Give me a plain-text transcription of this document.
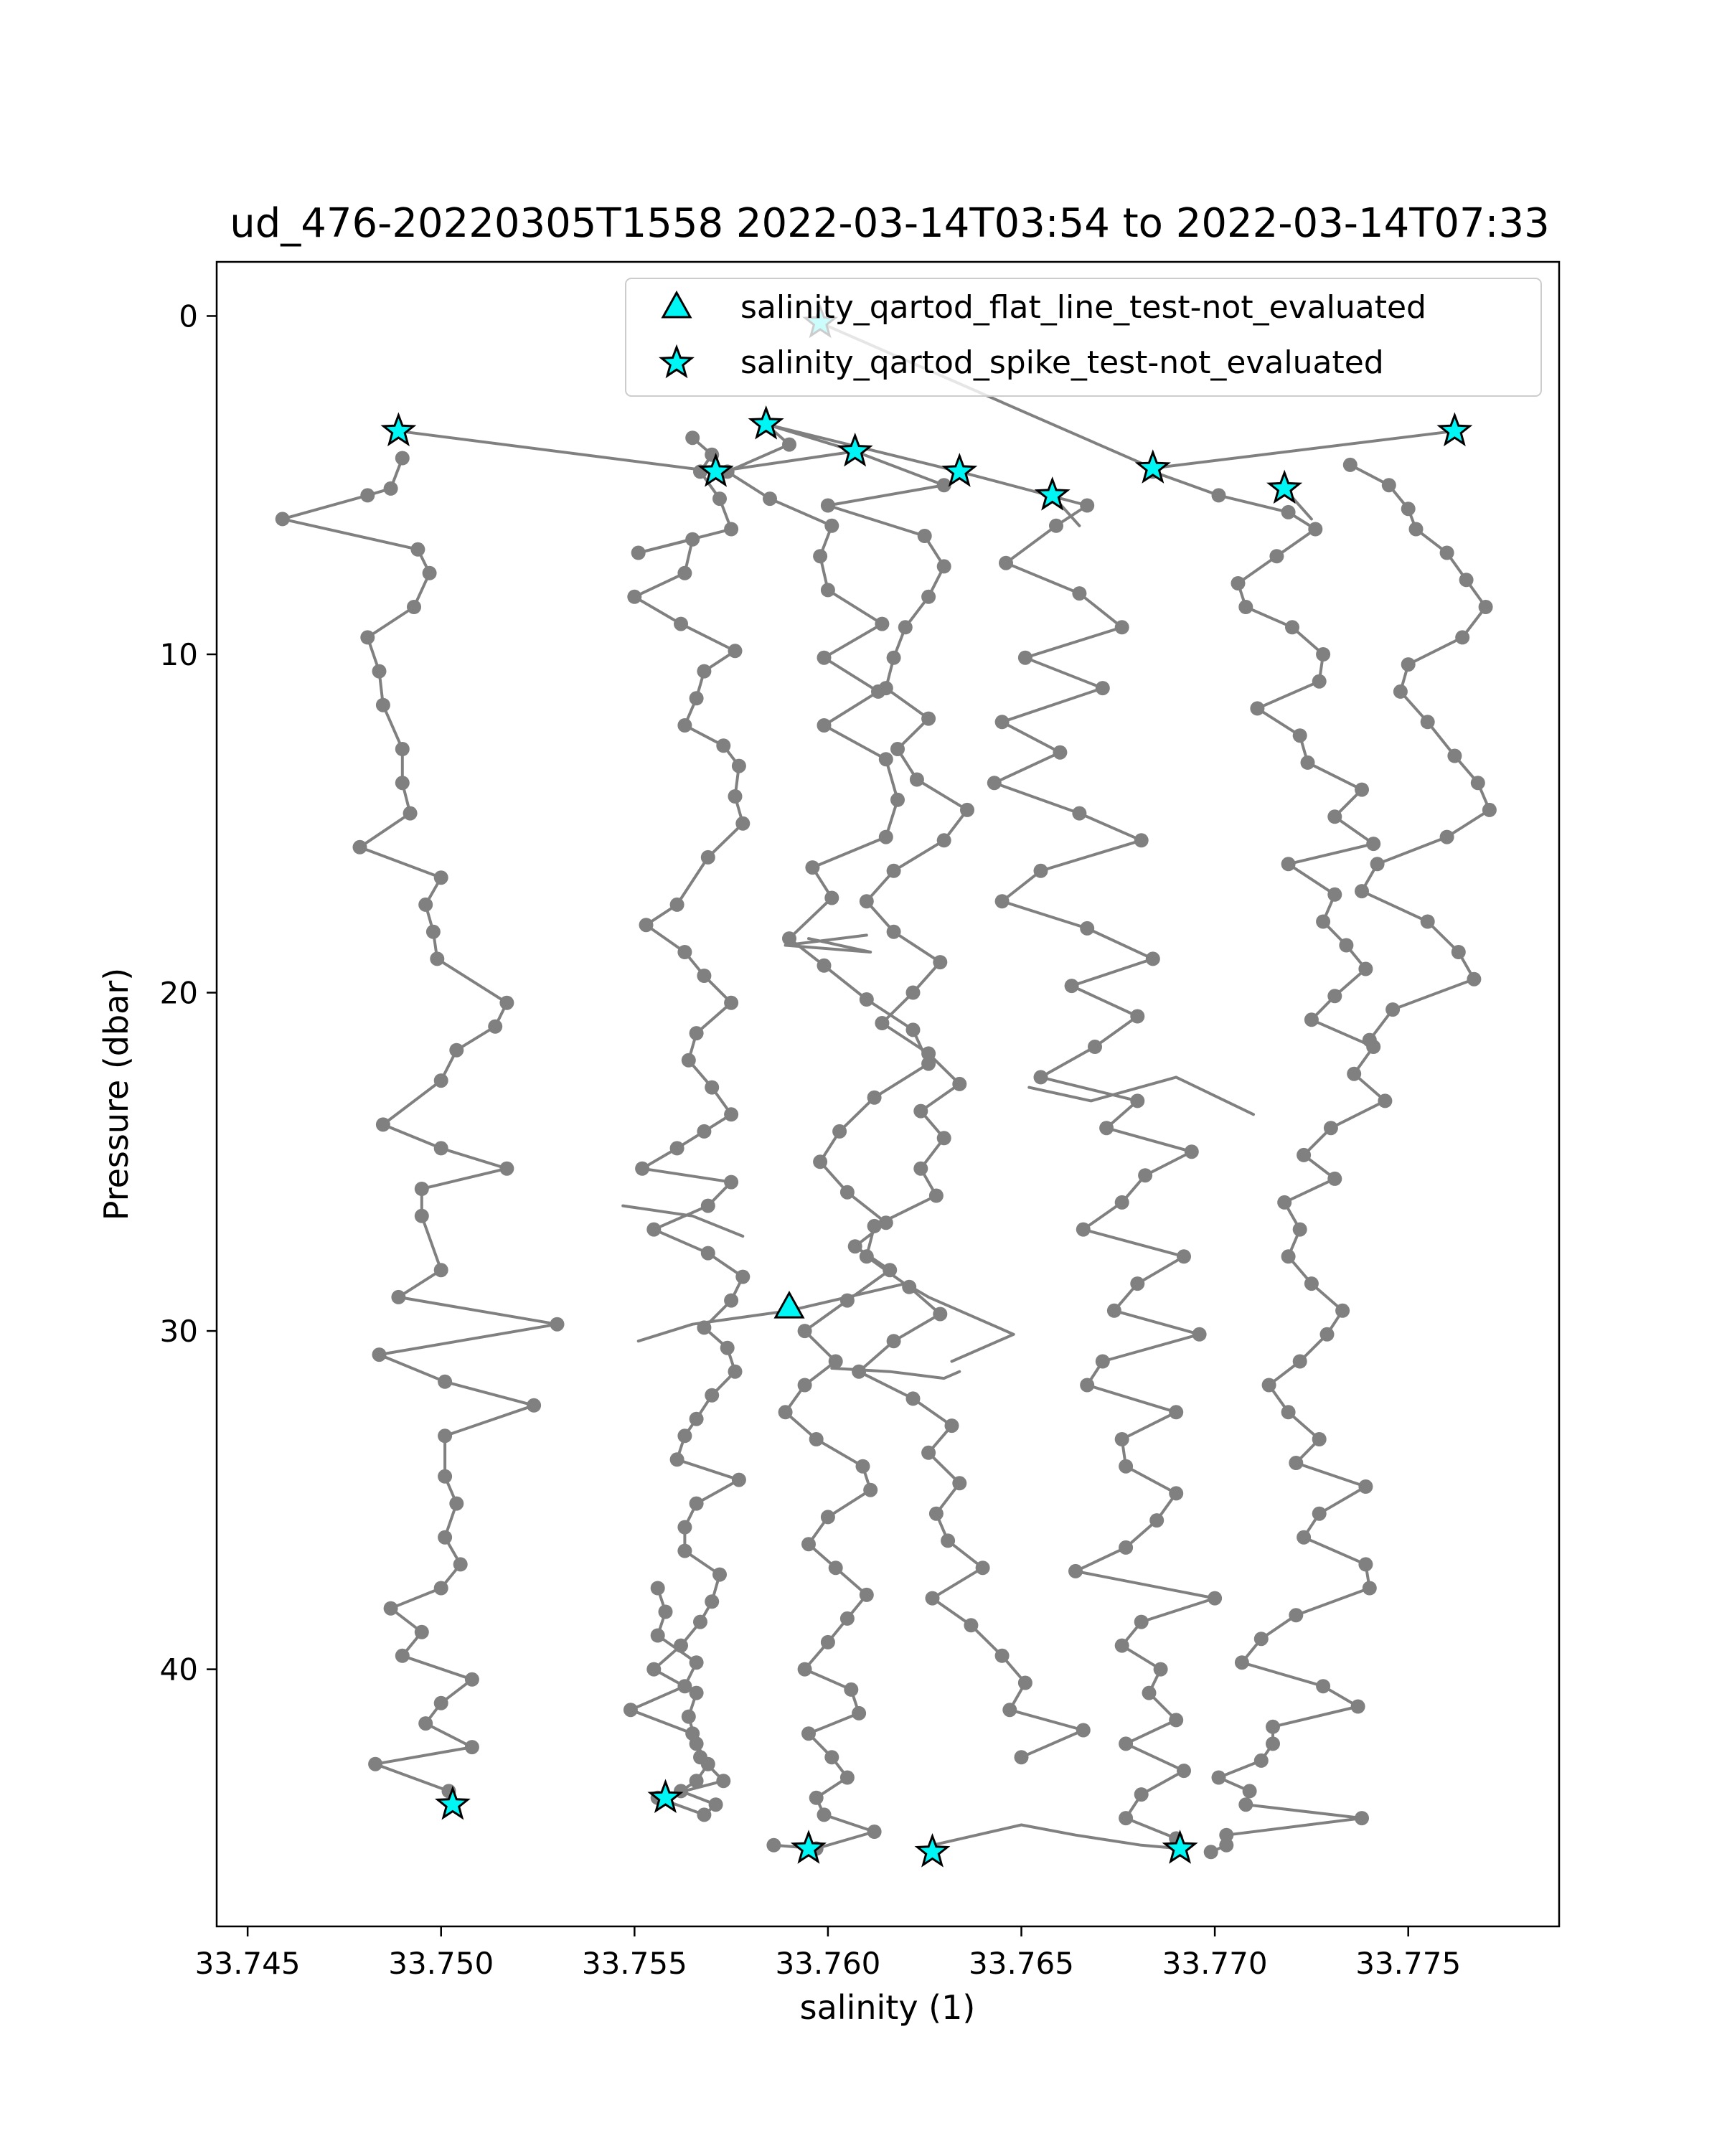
ud_476-20220305T1558 2022-03-14T03:54 to 2022-03-14T07:33
33.745	33.750	33.755	33.760	33.765	33.770	33.775
0
10
20
30
40
salinity (1)
Pressure (dbar)
salinity_qartod_flat_line_test-not_evaluated
salinity_qartod_spike_test-not_evaluated
